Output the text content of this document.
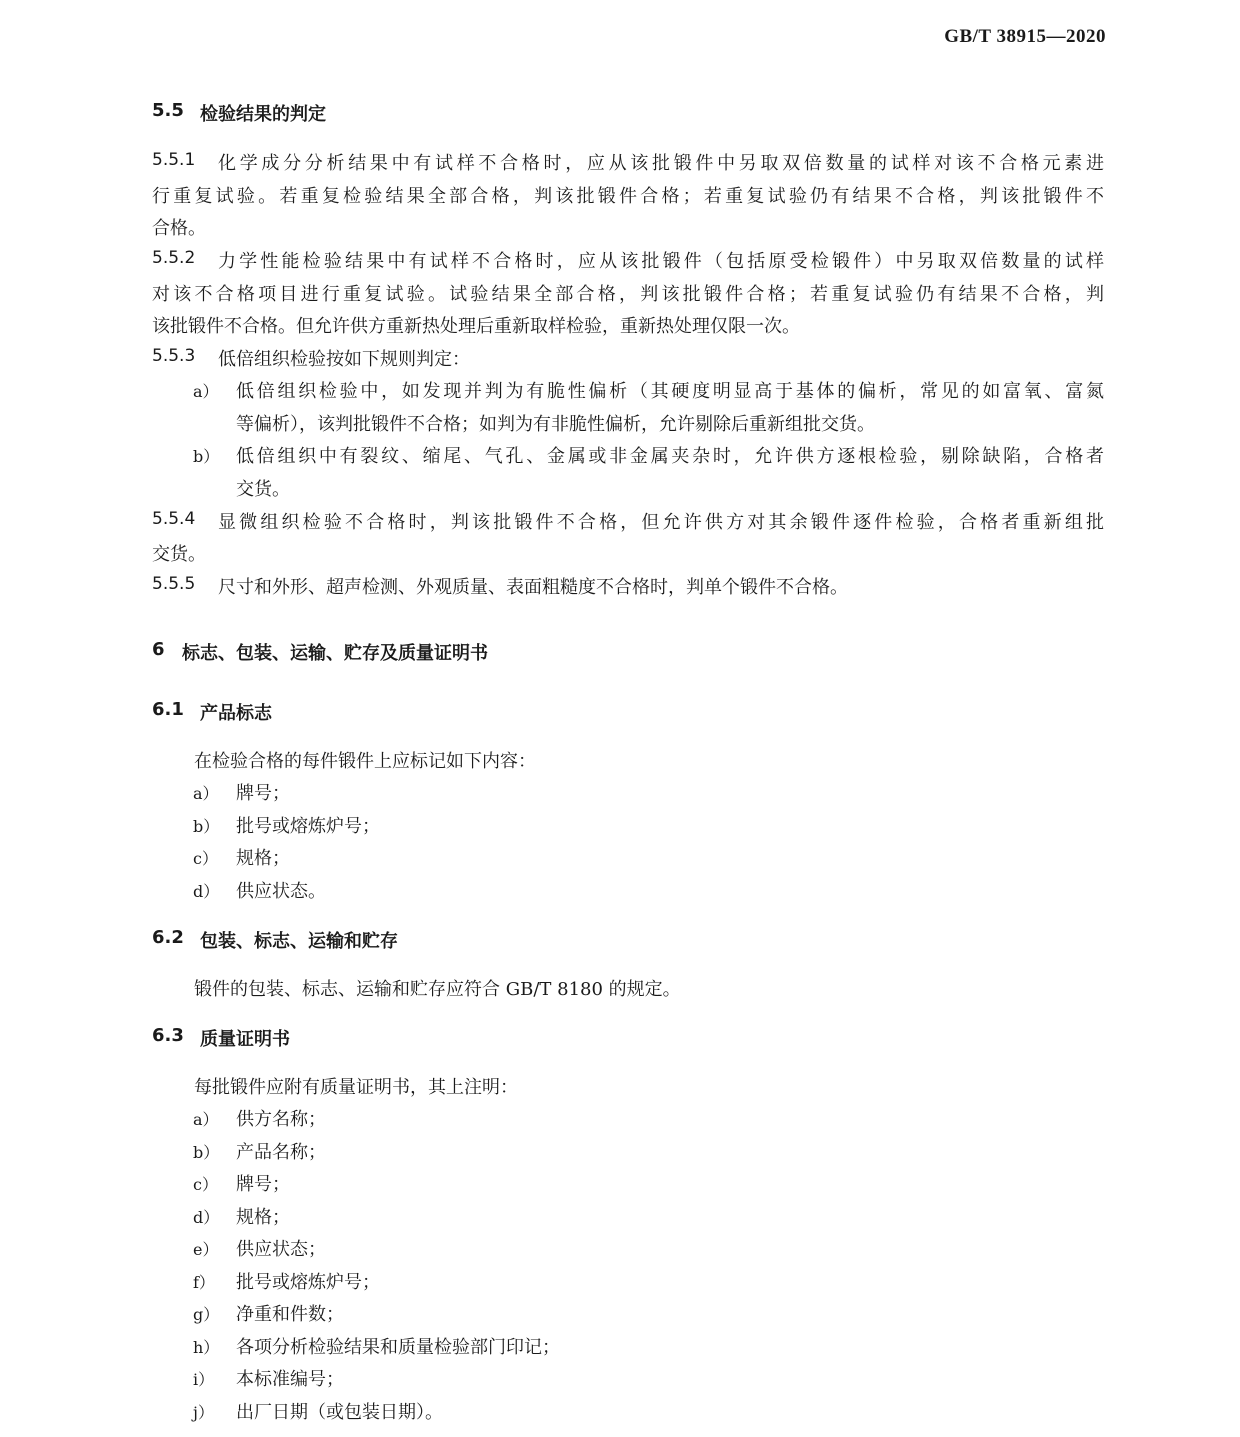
GB/T 38915—2020
5.5 检验结果的判定
5.5.1 化学成分分析结果中有试样不合格时，应从该批锻件中另取双倍数量的试样对该不合格元素进
行重复试验。若重复检验结果全部合格，判该批锻件合格；若重复试验仍有结果不合格，判该批锻件不
合格。
5.5.2 力学性能检验结果中有试样不合格时，应从该批锻件（包括原受检锻件）中另取双倍数量的试样
对该不合格项目进行重复试验。试验结果全部合格，判该批锻件合格；若重复试验仍有结果不合格，判
该批锻件不合格。但允许供方重新热处理后重新取样检验，重新热处理仅限一次。
5.5.3 低倍组织检验按如下规则判定：
a） 低倍组织检验中，如发现并判为有脆性偏析（其硬度明显高于基体的偏析，常见的如富氧、富氮
等偏析），该判批锻件不合格；如判为有非脆性偏析，允许剔除后重新组批交货。
b） 低倍组织中有裂纹、缩尾、气孔、金属或非金属夹杂时，允许供方逐根检验，剔除缺陷，合格者
交货。
5.5.4 显微组织检验不合格时，判该批锻件不合格，但允许供方对其余锻件逐件检验，合格者重新组批
交货。
5.5.5 尺寸和外形、超声检测、外观质量、表面粗糙度不合格时，判单个锻件不合格。
6 标志、包装、运输、贮存及质量证明书
6.1 产品标志
在检验合格的每件锻件上应标记如下内容：
a） 牌号；
b） 批号或熔炼炉号；
c） 规格；
d） 供应状态。
6.2 包装、标志、运输和贮存
锻件的包装、标志、运输和贮存应符合 GB/T 8180 的规定。
6.3 质量证明书
每批锻件应附有质量证明书，其上注明：
a） 供方名称；
b） 产品名称；
c） 牌号；
d） 规格；
e） 供应状态；
f） 批号或熔炼炉号；
g） 净重和件数；
h） 各项分析检验结果和质量检验部门印记；
i） 本标准编号；
j） 出厂日期（或包装日期）。
